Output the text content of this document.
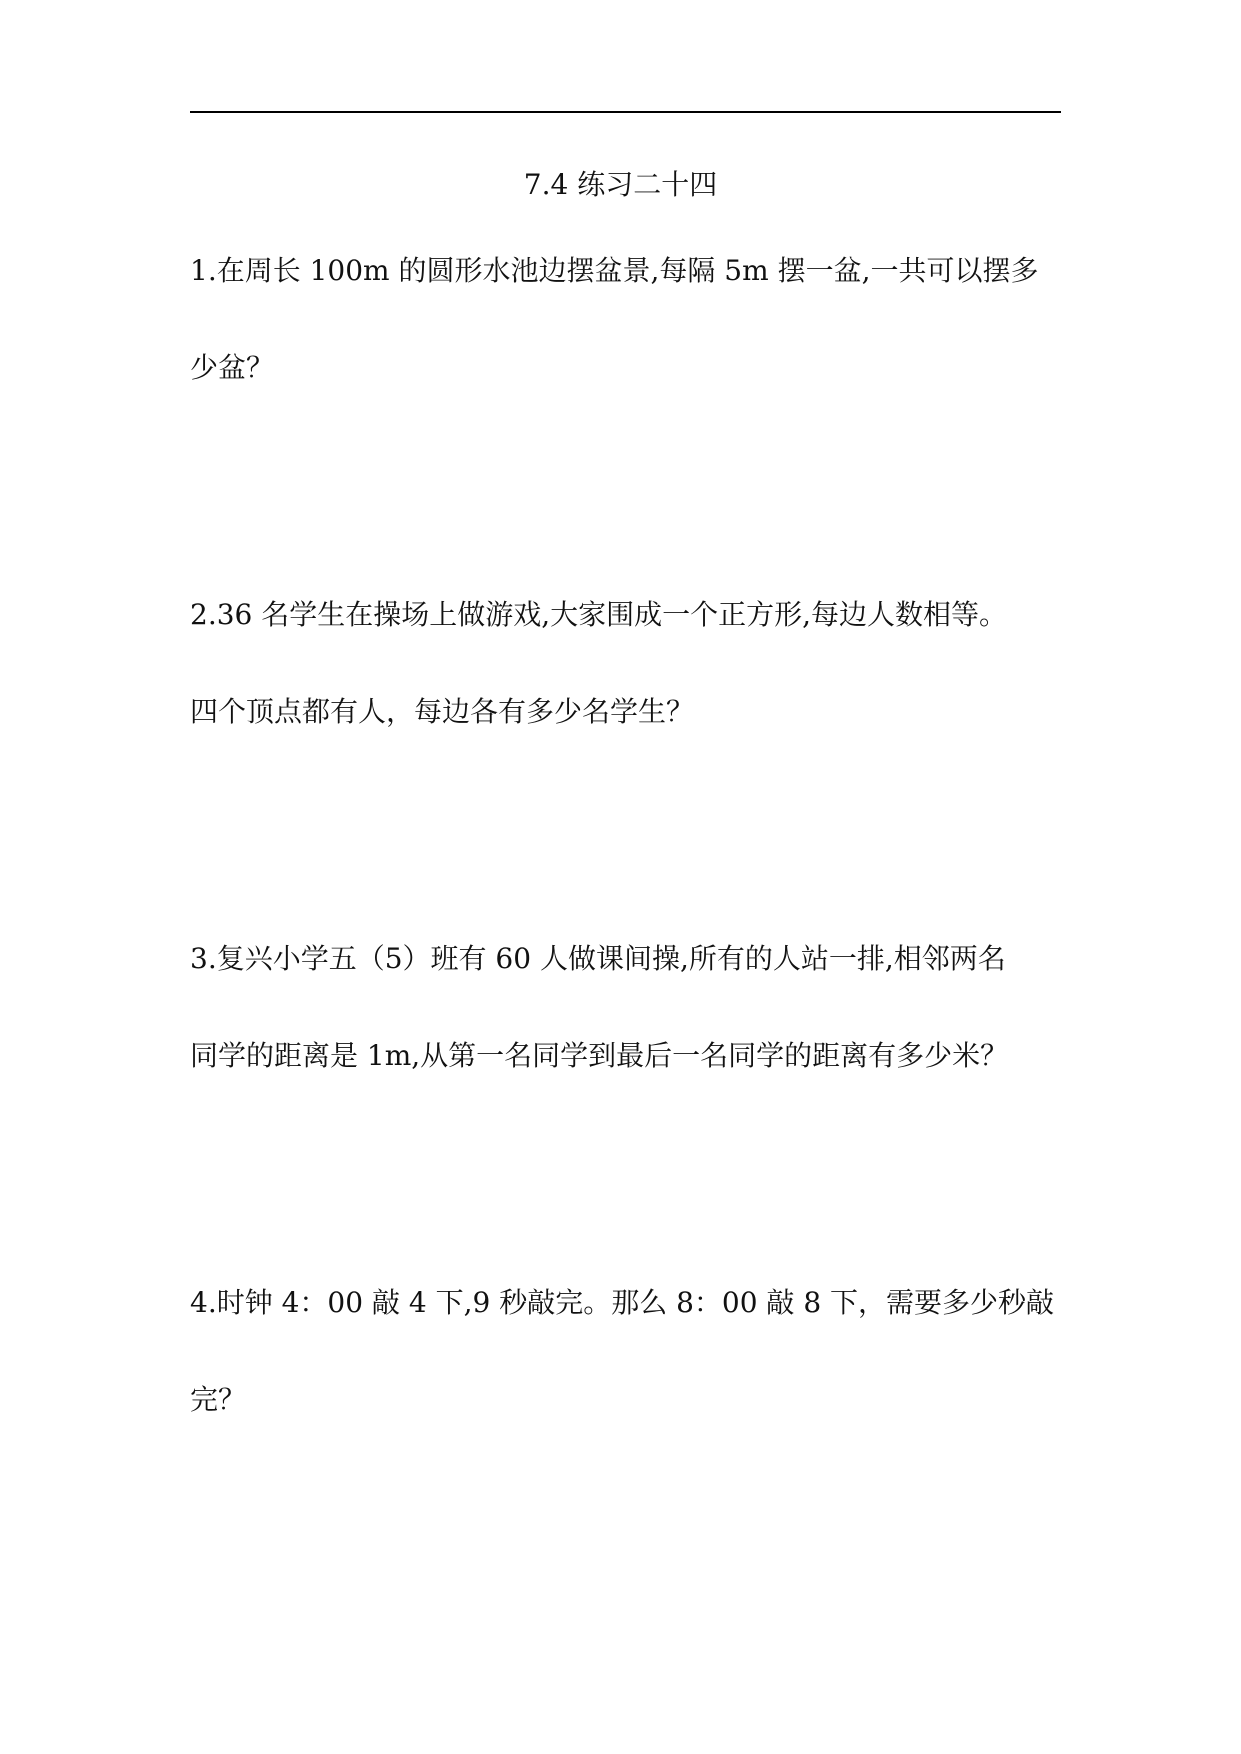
7.4 练习二十四
1.在周长 100m 的圆形水池边摆盆景,每隔 5m 摆一盆,一共可以摆多
少盆？
2.36 名学生在操场上做游戏,大家围成一个正方形,每边人数相等。
四个顶点都有人，每边各有多少名学生？
3.复兴小学五（5）班有 60 人做课间操,所有的人站一排,相邻两名
同学的距离是 1m,从第一名同学到最后一名同学的距离有多少米？
4.时钟 4：00 敲 4 下,9 秒敲完。那么 8：00 敲 8 下，需要多少秒敲
完？
